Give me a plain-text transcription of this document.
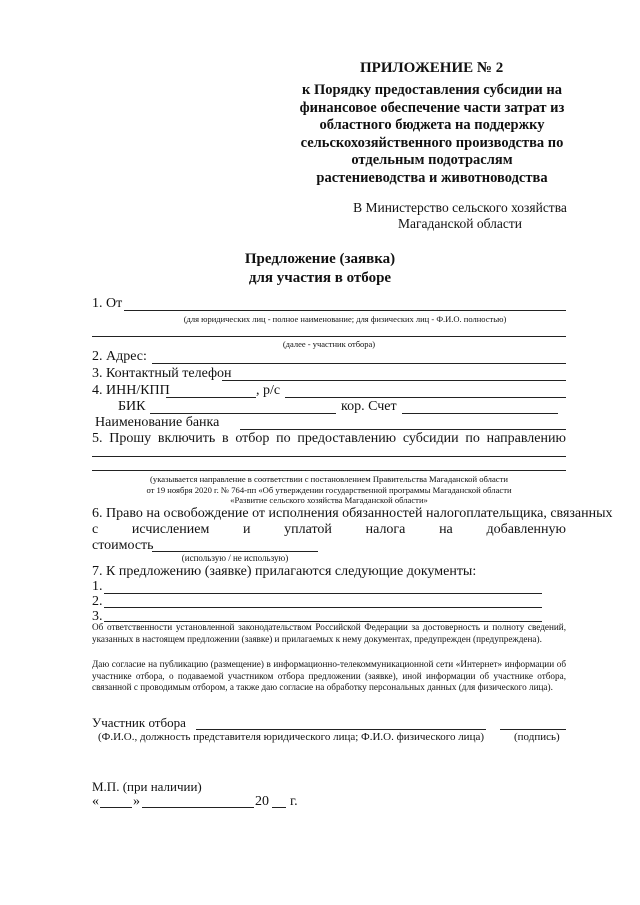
ПРИЛОЖЕНИЕ № 2
к Порядку предоставления субсидии на
финансовое обеспечение части затрат из
областного бюджета на поддержку
сельскохозяйственного производства по
отдельным подотраслям
растениеводства и животноводства
В Министерство сельского хозяйства
Магаданской области
Предложение (заявка)
для участия в отборе
1. От
(для юридических лиц - полное наименование; для физических лиц - Ф.И.О. полностью)
(далее - участник отбора)
2. Адрес:
3. Контактный телефон
4. ИНН/КПП	, р/с
БИК	кор. Счет
Наименование банка
5. Прошу включить в отбор по предоставлению субсидии по направлению
(указывается направление в соответствии с постановлением Правительства Магаданской области
от 19 ноября 2020 г. № 764-пп «Об утверждении государственной программы Магаданской области
«Развитие сельского хозяйства Магаданской области»
6. Право на освобождение от исполнения обязанностей налогоплательщика, связанных
с исчислением и уплатой налога на добавленную
стоимость
(использую / не использую)
7. К предложению (заявке) прилагаются следующие документы:
1.
2.
3.
Об ответственности установленной законодательством Российской Федерации за достоверность и полноту сведений, указанных в настоящем предложении (заявке) и прилагаемых к нему документах, предупрежден (предупреждена).
Даю согласие на публикацию (размещение) в информационно-телекоммуникационной сети «Интернет» информации об участнике отбора, о подаваемой участником отбора предложении (заявке), иной информации об участнике отбора, связанной с проводимым отбором, а также даю согласие на обработку персональных данных (для физического лица).
Участник отбора
(Ф.И.О., должность представителя юридического лица; Ф.И.О. физического лица)	(подпись)
М.П. (при наличии)
« »	20 г.
